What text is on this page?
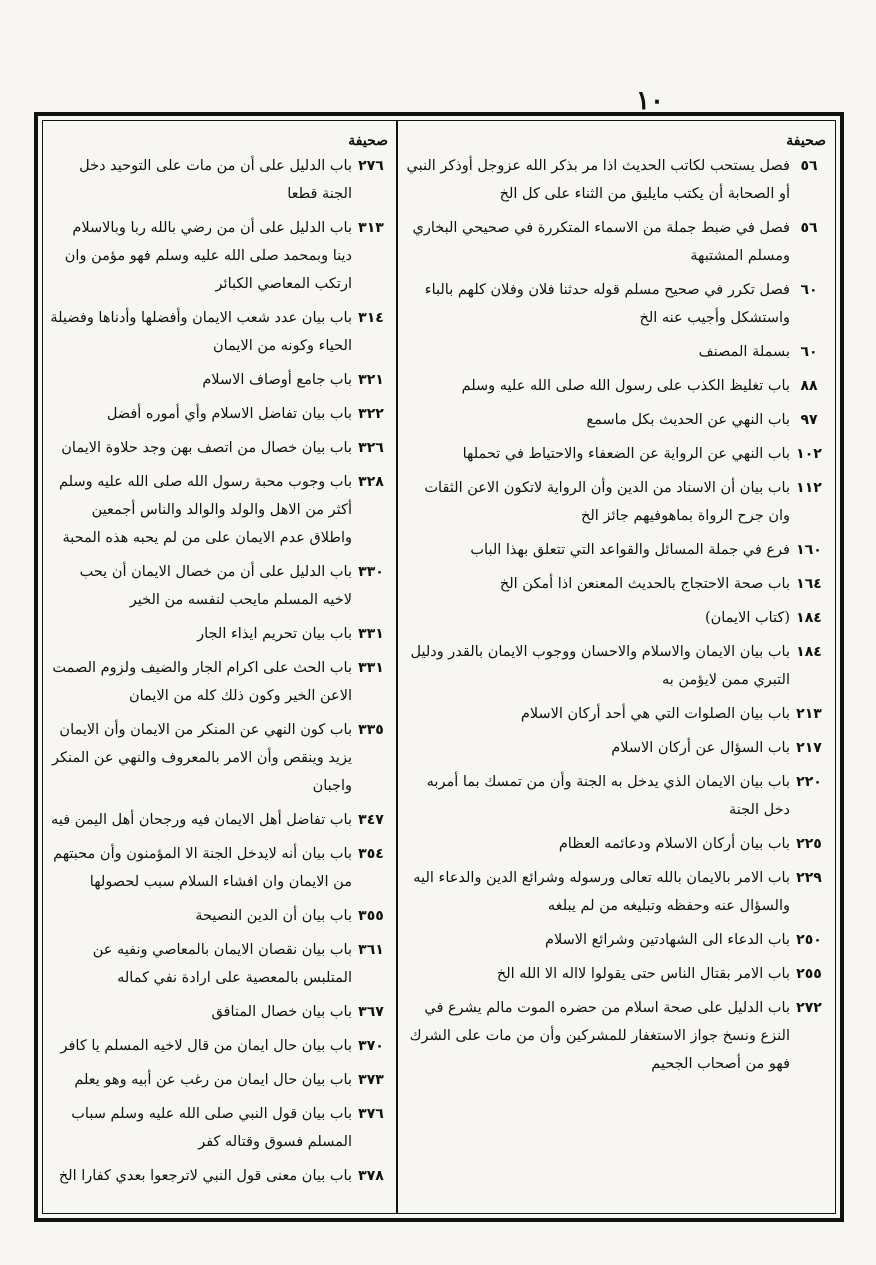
١٠
صحيفة
٥٦
فصل يستحب لكاتب الحديث اذا مر بذكر الله عزوجل أوذكر النبي أو الصحابة أن يكتب مايليق من الثناء على كل الخ
٥٦
فصل في ضبط جملة من الاسماء المتكررة في صحيحي البخاري ومسلم المشتبهة
٦٠
فصل تكرر في صحيح مسلم قوله حدثنا فلان وفلان كلهم بالباء واستشكل وأجيب عنه الخ
٦٠
بسملة المصنف
٨٨
باب تغليظ الكذب على رسول الله صلى الله عليه وسلم
٩٧
باب النهي عن الحديث بكل ماسمع
١٠٢
باب النهي عن الرواية عن الضعفاء والاحتياط في تحملها
١١٢
باب بيان أن الاسناد من الدين وأن الرواية لاتكون الاعن الثقات وان جرح الرواة بماهوفيهم جائز الخ
١٦٠
فرع في جملة المسائل والقواعد التي تتعلق بهذا الباب
١٦٤
باب صحة الاحتجاج بالحديث المعنعن اذا أمكن الخ
١٨٤
(كتاب الايمان)
١٨٤
باب بيان الايمان والاسلام والاحسان ووجوب الايمان بالقدر ودليل التبري ممن لايؤمن به
٢١٣
باب بيان الصلوات التي هي أحد أركان الاسلام
٢١٧
باب السؤال عن أركان الاسلام
٢٢٠
باب بيان الايمان الذي يدخل به الجنة وأن من تمسك بما أمربه دخل الجنة
٢٢٥
باب بيان أركان الاسلام ودعائمه العظام
٢٢٩
باب الامر بالايمان بالله تعالى ورسوله وشرائع الدين والدعاء اليه والسؤال عنه وحفظه وتبليغه من لم يبلغه
٢٥٠
باب الدعاء الى الشهادتين وشرائع الاسلام
٢٥٥
باب الامر بقتال الناس حتى يقولوا لااله الا الله الخ
٢٧٢
باب الدليل على صحة اسلام من حضره الموت مالم يشرع في النزع ونسخ جواز الاستغفار للمشركين وأن من مات على الشرك فهو من أصحاب الجحيم
صحيفة
٢٧٦
باب الدليل على أن من مات على التوحيد دخل الجنة قطعا
٣١٣
باب الدليل على أن من رضي بالله ربا وبالاسلام دينا وبمحمد صلى الله عليه وسلم فهو مؤمن وان ارتكب المعاصي الكبائر
٣١٤
باب بيان عدد شعب الايمان وأفضلها وأدناها وفضيلة الحياء وكونه من الايمان
٣٢١
باب جامع أوصاف الاسلام
٣٢٢
باب بيان تفاضل الاسلام وأي أموره أفضل
٣٢٦
باب بيان خصال من اتصف بهن وجد حلاوة الايمان
٣٢٨
باب وجوب محبة رسول الله صلى الله عليه وسلم أكثر من الاهل والولد والوالد والناس أجمعين واطلاق عدم الايمان على من لم يحبه هذه المحبة
٣٣٠
باب الدليل على أن من خصال الايمان أن يحب لاخيه المسلم مايحب لنفسه من الخير
٣٣١
باب بيان تحريم ايذاء الجار
٣٣١
باب الحث على اكرام الجار والضيف ولزوم الصمت الاعن الخير وكون ذلك كله من الايمان
٣٣٥
باب كون النهي عن المنكر من الايمان وأن الايمان يزيد وينقص وأن الامر بالمعروف والنهي عن المنكر واجبان
٣٤٧
باب تفاضل أهل الايمان فيه ورجحان أهل اليمن فيه
٣٥٤
باب بيان أنه لايدخل الجنة الا المؤمنون وأن محبتهم من الايمان وان افشاء السلام سبب لحصولها
٣٥٥
باب بيان أن الدين النصيحة
٣٦١
باب بيان نقصان الايمان بالمعاصي ونفيه عن المتلبس بالمعصية على ارادة نفي كماله
٣٦٧
باب بيان خصال المنافق
٣٧٠
باب بيان حال ايمان من قال لاخيه المسلم يا كافر
٣٧٣
باب بيان حال ايمان من رغب عن أبيه وهو يعلم
٣٧٦
باب بيان قول النبي صلى الله عليه وسلم سباب المسلم فسوق وقتاله كفر
٣٧٨
باب بيان معنى قول النبي لاترجعوا بعدي كفارا الخ
